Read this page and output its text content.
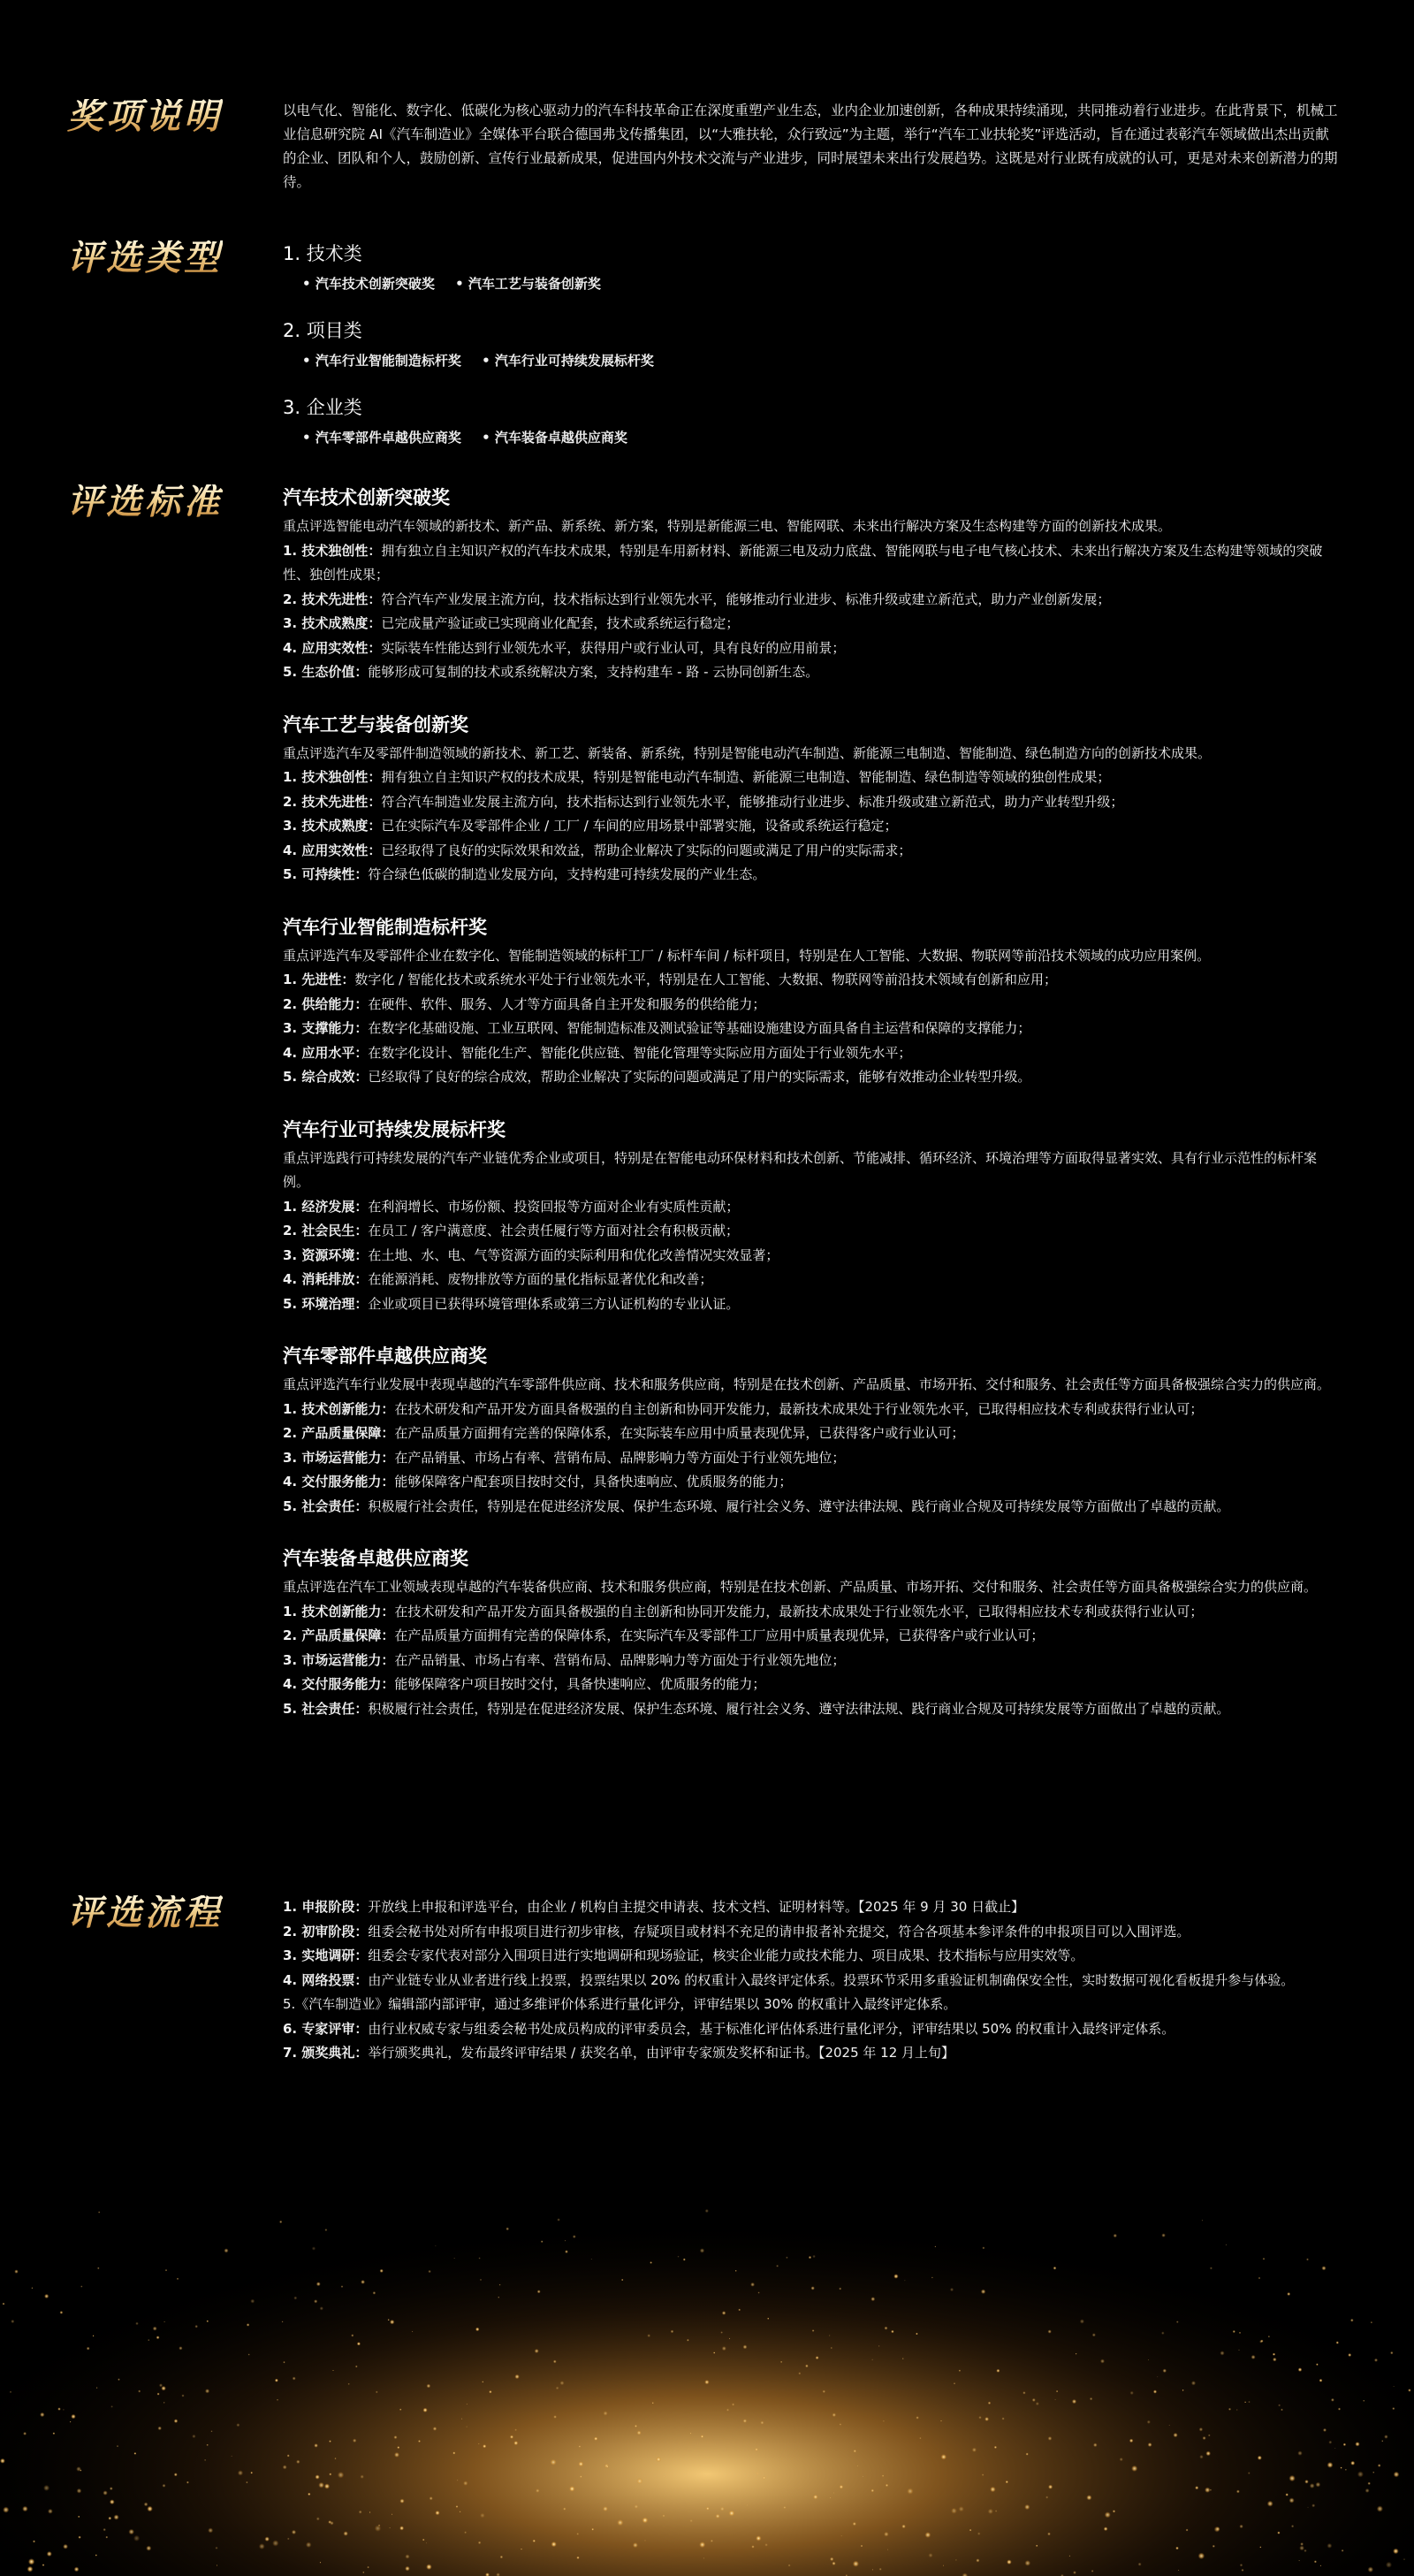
奖项说明	以电气化、智能化、数字化、低碳化为核心驱动力的汽车科技革命正在深度重塑产业生态，业内企业加速创新，各种成果持续涌现，共同推动着行业进步。在此背景下，机械工业信息研究院 AI《汽车制造业》全媒体平台联合德国弗戈传播集团，以“大雅扶轮，众行致远”为主题，举行“汽车工业扶轮奖”评选活动，旨在通过表彰汽车领域做出杰出贡献的企业、团队和个人，鼓励创新、宣传行业最新成果，促进国内外技术交流与产业进步，同时展望未来出行发展趋势。这既是对行业既有成就的认可，更是对未来创新潜力的期待。

评选类型	1. 技术类

• 汽车技术创新突破奖	• 汽车工艺与装备创新奖

2. 项目类

• 汽车行业智能制造标杆奖	• 汽车行业可持续发展标杆奖

3. 企业类

• 汽车零部件卓越供应商奖	• 汽车装备卓越供应商奖
评选标准	汽车技术创新突破奖

重点评选智能电动汽车领域的新技术、新产品、新系统、新方案，特别是新能源三电、智能网联、未来出行解决方案及生态构建等方面的创新技术成果。

1. 技术独创性：拥有独立自主知识产权的汽车技术成果，特别是车用新材料、新能源三电及动力底盘、智能网联与电子电气核心技术、未来出行解决方案及生态构建等领域的突破性、独创性成果；

2. 技术先进性：符合汽车产业发展主流方向，技术指标达到行业领先水平，能够推动行业进步、标准升级或建立新范式，助力产业创新发展；

3. 技术成熟度：已完成量产验证或已实现商业化配套，技术或系统运行稳定；

4. 应用实效性：实际装车性能达到行业领先水平，获得用户或行业认可，具有良好的应用前景；

5. 生态价值：能够形成可复制的技术或系统解决方案，支持构建车 - 路 - 云协同创新生态。

汽车工艺与装备创新奖

重点评选汽车及零部件制造领域的新技术、新工艺、新装备、新系统，特别是智能电动汽车制造、新能源三电制造、智能制造、绿色制造方向的创新技术成果。

1. 技术独创性：拥有独立自主知识产权的技术成果，特别是智能电动汽车制造、新能源三电制造、智能制造、绿色制造等领域的独创性成果；

2. 技术先进性：符合汽车制造业发展主流方向，技术指标达到行业领先水平，能够推动行业进步、标准升级或建立新范式，助力产业转型升级；

3. 技术成熟度：已在实际汽车及零部件企业 / 工厂 / 车间的应用场景中部署实施，设备或系统运行稳定；

4. 应用实效性：已经取得了良好的实际效果和效益，帮助企业解决了实际的问题或满足了用户的实际需求；

5. 可持续性：符合绿色低碳的制造业发展方向，支持构建可持续发展的产业生态。

汽车行业智能制造标杆奖

重点评选汽车及零部件企业在数字化、智能制造领域的标杆工厂 / 标杆车间 / 标杆项目，特别是在人工智能、大数据、物联网等前沿技术领域的成功应用案例。

1. 先进性：数字化 / 智能化技术或系统水平处于行业领先水平，特别是在人工智能、大数据、物联网等前沿技术领域有创新和应用；

2. 供给能力：在硬件、软件、服务、人才等方面具备自主开发和服务的供给能力；

3. 支撑能力：在数字化基础设施、工业互联网、智能制造标准及测试验证等基础设施建设方面具备自主运营和保障的支撑能力；

4. 应用水平：在数字化设计、智能化生产、智能化供应链、智能化管理等实际应用方面处于行业领先水平；

5. 综合成效：已经取得了良好的综合成效，帮助企业解决了实际的问题或满足了用户的实际需求，能够有效推动企业转型升级。

汽车行业可持续发展标杆奖

重点评选践行可持续发展的汽车产业链优秀企业或项目，特别是在智能电动环保材料和技术创新、节能减排、循环经济、环境治理等方面取得显著实效、具有行业示范性的标杆案例。

1. 经济发展：在利润增长、市场份额、投资回报等方面对企业有实质性贡献；

2. 社会民生：在员工 / 客户满意度、社会责任履行等方面对社会有积极贡献；

3. 资源环境：在土地、水、电、气等资源方面的实际利用和优化改善情况实效显著；

4. 消耗排放：在能源消耗、废物排放等方面的量化指标显著优化和改善；

5. 环境治理：企业或项目已获得环境管理体系或第三方认证机构的专业认证。

汽车零部件卓越供应商奖

重点评选汽车行业发展中表现卓越的汽车零部件供应商、技术和服务供应商，特别是在技术创新、产品质量、市场开拓、交付和服务、社会责任等方面具备极强综合实力的供应商。

1. 技术创新能力：在技术研发和产品开发方面具备极强的自主创新和协同开发能力，最新技术成果处于行业领先水平，已取得相应技术专利或获得行业认可；

2. 产品质量保障：在产品质量方面拥有完善的保障体系，在实际装车应用中质量表现优异，已获得客户或行业认可；

3. 市场运营能力：在产品销量、市场占有率、营销布局、品牌影响力等方面处于行业领先地位；

4. 交付服务能力：能够保障客户配套项目按时交付，具备快速响应、优质服务的能力；

5. 社会责任：积极履行社会责任，特别是在促进经济发展、保护生态环境、履行社会义务、遵守法律法规、践行商业合规及可持续发展等方面做出了卓越的贡献。

汽车装备卓越供应商奖

重点评选在汽车工业领域表现卓越的汽车装备供应商、技术和服务供应商，特别是在技术创新、产品质量、市场开拓、交付和服务、社会责任等方面具备极强综合实力的供应商。

1. 技术创新能力：在技术研发和产品开发方面具备极强的自主创新和协同开发能力，最新技术成果处于行业领先水平，已取得相应技术专利或获得行业认可；

2. 产品质量保障：在产品质量方面拥有完善的保障体系，在实际汽车及零部件工厂应用中质量表现优异，已获得客户或行业认可；

3. 市场运营能力：在产品销量、市场占有率、营销布局、品牌影响力等方面处于行业领先地位；

4. 交付服务能力：能够保障客户项目按时交付，具备快速响应、优质服务的能力；

5. 社会责任：积极履行社会责任，特别是在促进经济发展、保护生态环境、履行社会义务、遵守法律法规、践行商业合规及可持续发展等方面做出了卓越的贡献。

评选流程	1. 申报阶段：开放线上申报和评选平台，由企业 / 机构自主提交申请表、技术文档、证明材料等。【2025 年 9 月 30 日截止】

2. 初审阶段：组委会秘书处对所有申报项目进行初步审核，存疑项目或材料不充足的请申报者补充提交，符合各项基本参评条件的申报项目可以入围评选。

3. 实地调研：组委会专家代表对部分入围项目进行实地调研和现场验证，核实企业能力或技术能力、项目成果、技术指标与应用实效等。

4. 网络投票：由产业链专业从业者进行线上投票，投票结果以 20% 的权重计入最终评定体系。投票环节采用多重验证机制确保安全性，实时数据可视化看板提升参与体验。

5.《汽车制造业》编辑部内部评审，通过多维评价体系进行量化评分，评审结果以 30% 的权重计入最终评定体系。

6. 专家评审：由行业权威专家与组委会秘书处成员构成的评审委员会，基于标准化评估体系进行量化评分，评审结果以 50% 的权重计入最终评定体系。

7. 颁奖典礼：举行颁奖典礼，发布最终评审结果 / 获奖名单，由评审专家颁发奖杯和证书。【2025 年 12 月上旬】
